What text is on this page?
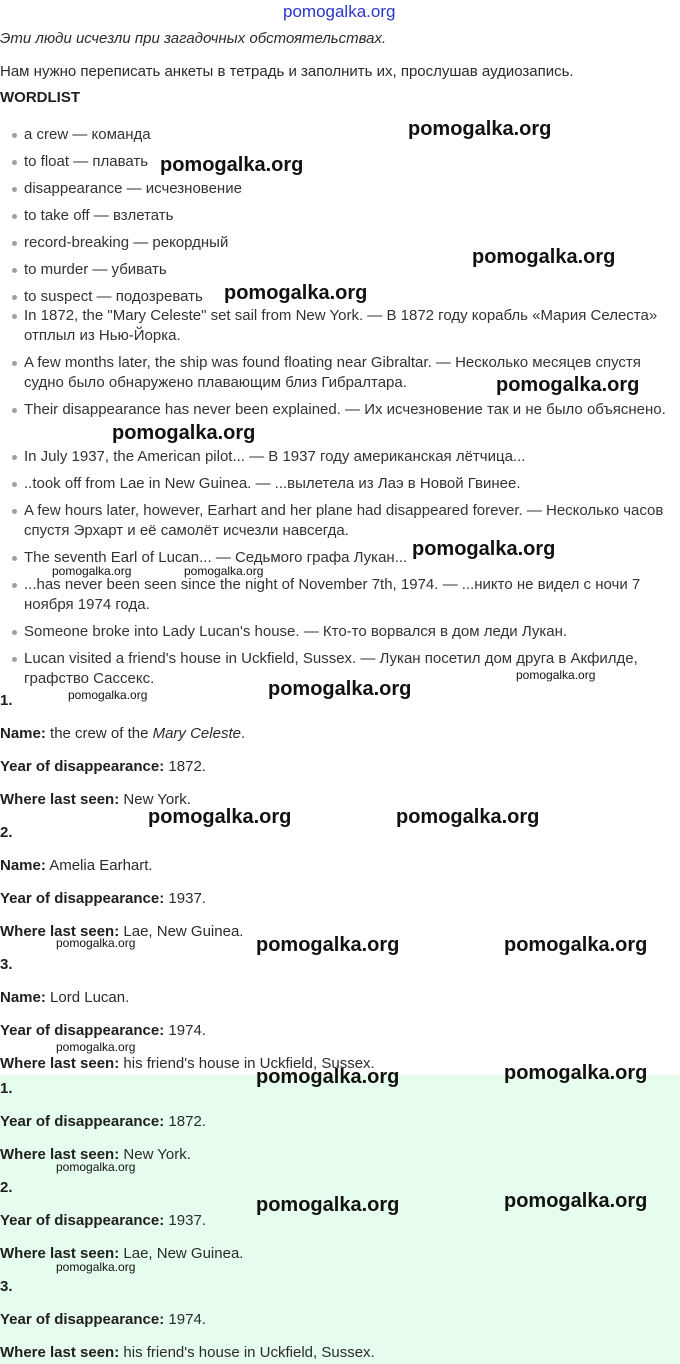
pomogalka.org

Эти люди исчезли при загадочных обстоятельствах.

Нам нужно переписать анкеты в тетрадь и заполнить их, прослушав аудиозапись.

WORDLIST

a crew — команда
to float — плавать
disappearance — исчезновение
to take off — взлетать
record-breaking — рекордный
to murder — убивать
to suspect — подозревать
In 1872, the "Mary Celeste" set sail from New York. — В 1872 году корабль «Мария Селеста» отплыл из Нью-Йорка.
A few months later, the ship was found floating near Gibraltar. — Несколько месяцев спустя судно было обнаружено плавающим близ Гибралтара.
Their disappearance has never been explained. — Их исчезновение так и не было объяснено.
In July 1937, the American pilot... — В 1937 году американская лётчица...
..took off from Lae in New Guinea. — ...вылетела из Лаэ в Новой Гвинее.
A few hours later, however, Earhart and her plane had disappeared forever. — Несколько часов спустя Эрхарт и её самолёт исчезли навсегда.
The seventh Earl of Lucan... — Седьмого графа Лукан...
...has never been seen since the night of November 7th, 1974. — ...никто не видел с ночи 7 ноября 1974 года.
Someone broke into Lady Lucan's house. — Кто-то ворвался в дом леди Лукан.
Lucan visited a friend's house in Uckfield, Sussex. — Лукан посетил дом друга в Акфилде, графство Сассекс.

1.

Name: the crew of the Mary Celeste.

Year of disappearance: 1872.

Where last seen: New York.

2.

Name: Amelia Earhart.

Year of disappearance: 1937.

Where last seen: Lae, New Guinea.

3.

Name: Lord Lucan.

Year of disappearance: 1974.

Where last seen: his friend's house in Uckfield, Sussex.

1.

Year of disappearance: 1872.

Where last seen: New York.

2.

Year of disappearance: 1937.

Where last seen: Lae, New Guinea.

3.

Year of disappearance: 1974.

Where last seen: his friend's house in Uckfield, Sussex.

pomogalka.org
pomogalka.org
pomogalka.org
pomogalka.org
pomogalka.org
pomogalka.org
pomogalka.org
pomogalka.org
pomogalka.org	pomogalka.org
pomogalka.org	pomogalka.org
pomogalka.org	pomogalka.org
pomogalka.org	pomogalka.org
pomogalka.org	pomogalka.org
pomogalka.org
pomogalka.org
pomogalka.org
pomogalka.org
pomogalka.org
pomogalka.org
